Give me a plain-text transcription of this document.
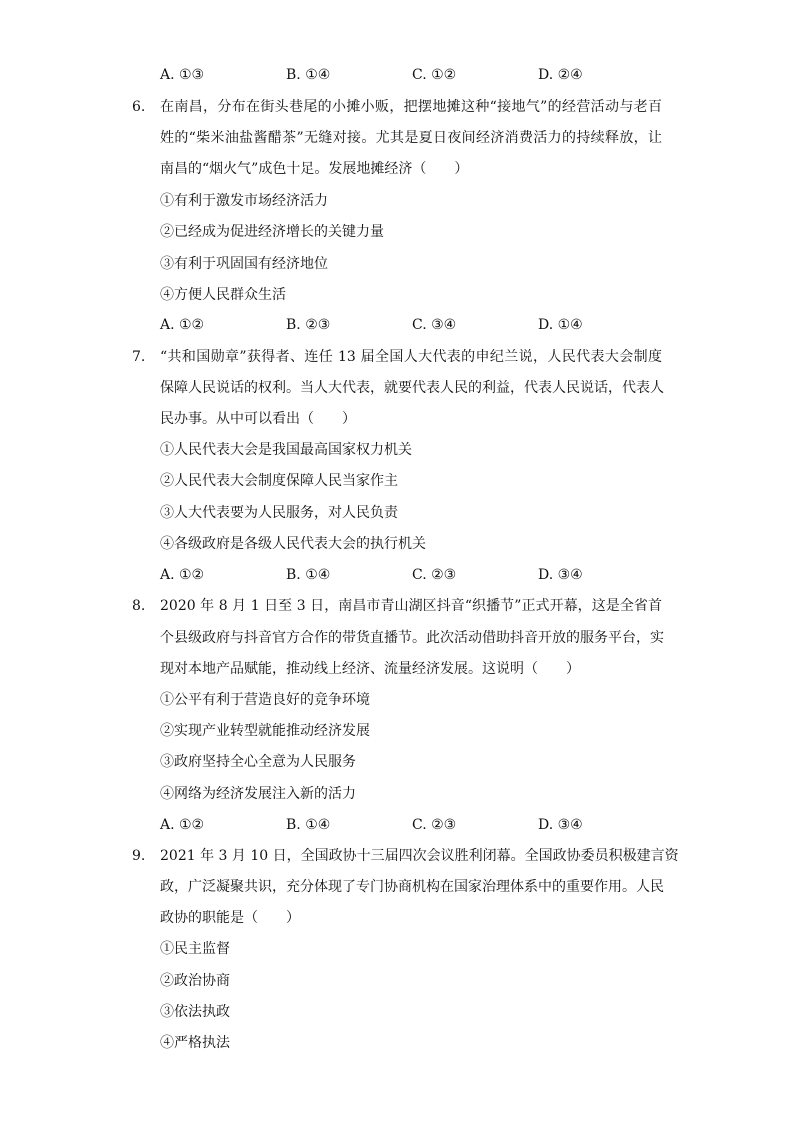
A. ①③	B. ①④	C. ①②	D. ②④
6.	在南昌，分布在街头巷尾的小摊小贩，把摆地摊这种“接地气”的经营活动与老百
姓的“柴米油盐酱醋茶”无缝对接。尤其是夏日夜间经济消费活力的持续释放，让
南昌的“烟火气”成色十足。发展地摊经济（　　）
①有利于激发市场经济活力
②已经成为促进经济增长的关键力量
③有利于巩固国有经济地位
④方便人民群众生活
A. ①②	B. ②③	C. ③④	D. ①④
7.	“共和国勋章”获得者、连任 13 届全国人大代表的申纪兰说，人民代表大会制度
保障人民说话的权利。当人大代表，就要代表人民的利益，代表人民说话，代表人
民办事。从中可以看出（　　）
①人民代表大会是我国最高国家权力机关
②人民代表大会制度保障人民当家作主
③人大代表要为人民服务，对人民负责
④各级政府是各级人民代表大会的执行机关
A. ①②	B. ①④	C. ②③	D. ③④
8.	2020 年 8 月 1 日至 3 日，南昌市青山湖区抖音“织播节”正式开幕，这是全省首
个县级政府与抖音官方合作的带货直播节。此次活动借助抖音开放的服务平台，实
现对本地产品赋能，推动线上经济、流量经济发展。这说明（　　）
①公平有利于营造良好的竞争环境
②实现产业转型就能推动经济发展
③政府坚持全心全意为人民服务
④网络为经济发展注入新的活力
A. ①②	B. ①④	C. ②③	D. ③④
9.	2021 年 3 月 10 日，全国政协十三届四次会议胜利闭幕。全国政协委员积极建言资
政，广泛凝聚共识，充分体现了专门协商机构在国家治理体系中的重要作用。人民
政协的职能是（　　）
①民主监督
②政治协商
③依法执政
④严格执法
